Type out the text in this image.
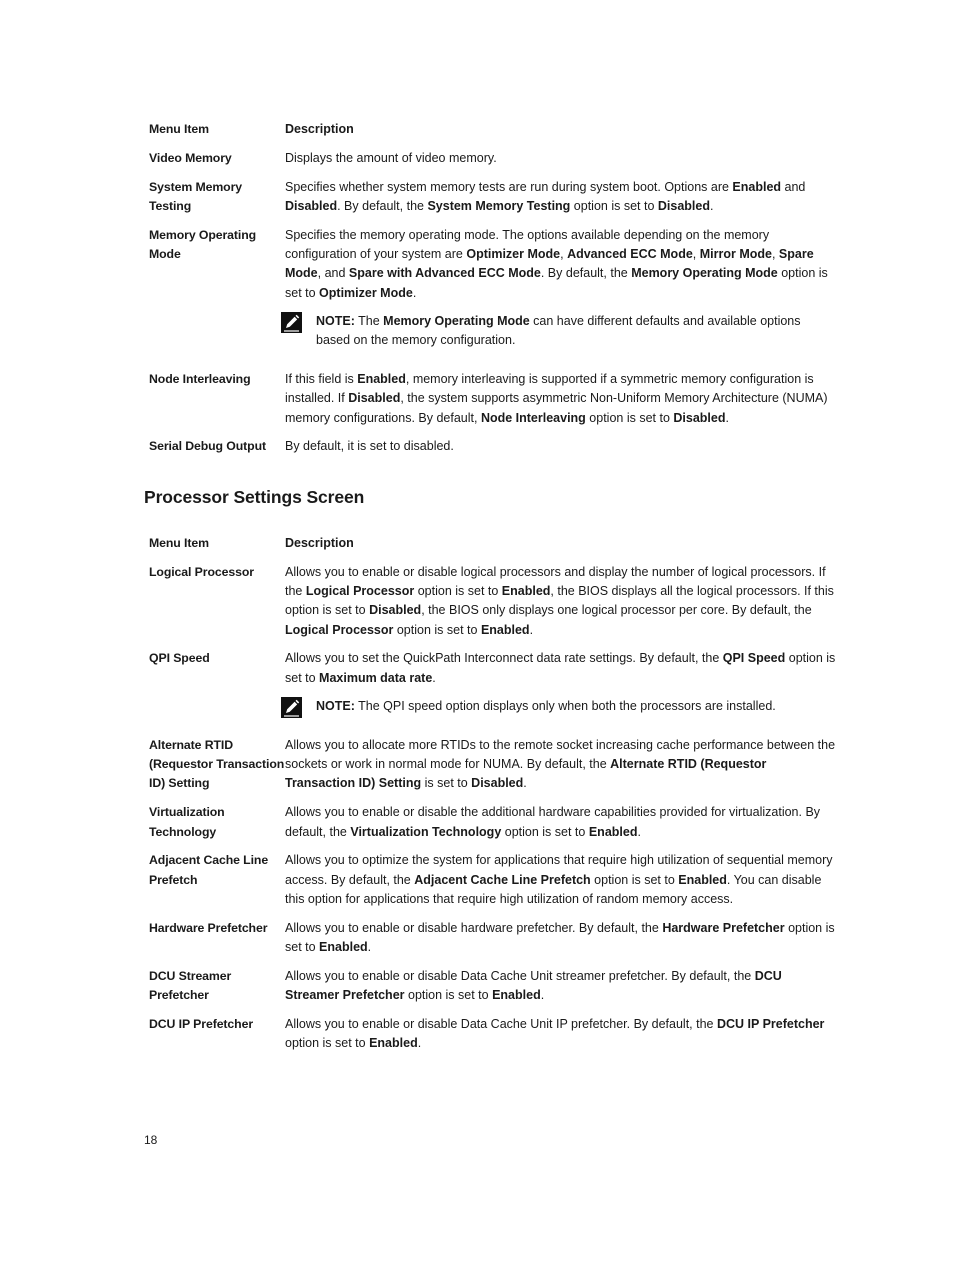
Menu Item	Description
Video Memory	Displays the amount of video memory.

System Memory Testing	Specifies whether system memory tests are run during system boot. Options are Enabled and Disabled. By default, the System Memory Testing option is set to Disabled.

Memory Operating Mode	Specifies the memory operating mode. The options available depending on the memory configuration of your system are Optimizer Mode, Advanced ECC Mode, Mirror Mode, Spare Mode, and Spare with Advanced ECC Mode. By default, the Memory Operating Mode option is set to Optimizer Mode.
NOTE: The Memory Operating Mode can have different defaults and available options based on the memory configuration.

Node Interleaving	If this field is Enabled, memory interleaving is supported if a symmetric memory configuration is installed. If Disabled, the system supports asymmetric Non-Uniform Memory Architecture (NUMA) memory configurations. By default, Node Interleaving option is set to Disabled.

Serial Debug Output	By default, it is set to disabled.
Processor Settings Screen
Menu Item	Description
Logical Processor	Allows you to enable or disable logical processors and display the number of logical processors. If the Logical Processor option is set to Enabled, the BIOS displays all the logical processors. If this option is set to Disabled, the BIOS only displays one logical processor per core. By default, the Logical Processor option is set to Enabled.

QPI Speed	Allows you to set the QuickPath Interconnect data rate settings. By default, the QPI Speed option is set to Maximum data rate.
NOTE: The QPI speed option displays only when both the processors are installed.

Alternate RTID (Requestor Transaction ID) Setting	Allows you to allocate more RTIDs to the remote socket increasing cache performance between the sockets or work in normal mode for NUMA. By default, the Alternate RTID (Requestor Transaction ID) Setting is set to Disabled.

Virtualization Technology	Allows you to enable or disable the additional hardware capabilities provided for virtualization. By default, the Virtualization Technology option is set to Enabled.

Adjacent Cache Line Prefetch	Allows you to optimize the system for applications that require high utilization of sequential memory access. By default, the Adjacent Cache Line Prefetch option is set to Enabled. You can disable this option for applications that require high utilization of random memory access.

Hardware Prefetcher	Allows you to enable or disable hardware prefetcher. By default, the Hardware Prefetcher option is set to Enabled.

DCU Streamer Prefetcher	Allows you to enable or disable Data Cache Unit streamer prefetcher. By default, the DCU Streamer Prefetcher option is set to Enabled.

DCU IP Prefetcher	Allows you to enable or disable Data Cache Unit IP prefetcher. By default, the DCU IP Prefetcher option is set to Enabled.
18
